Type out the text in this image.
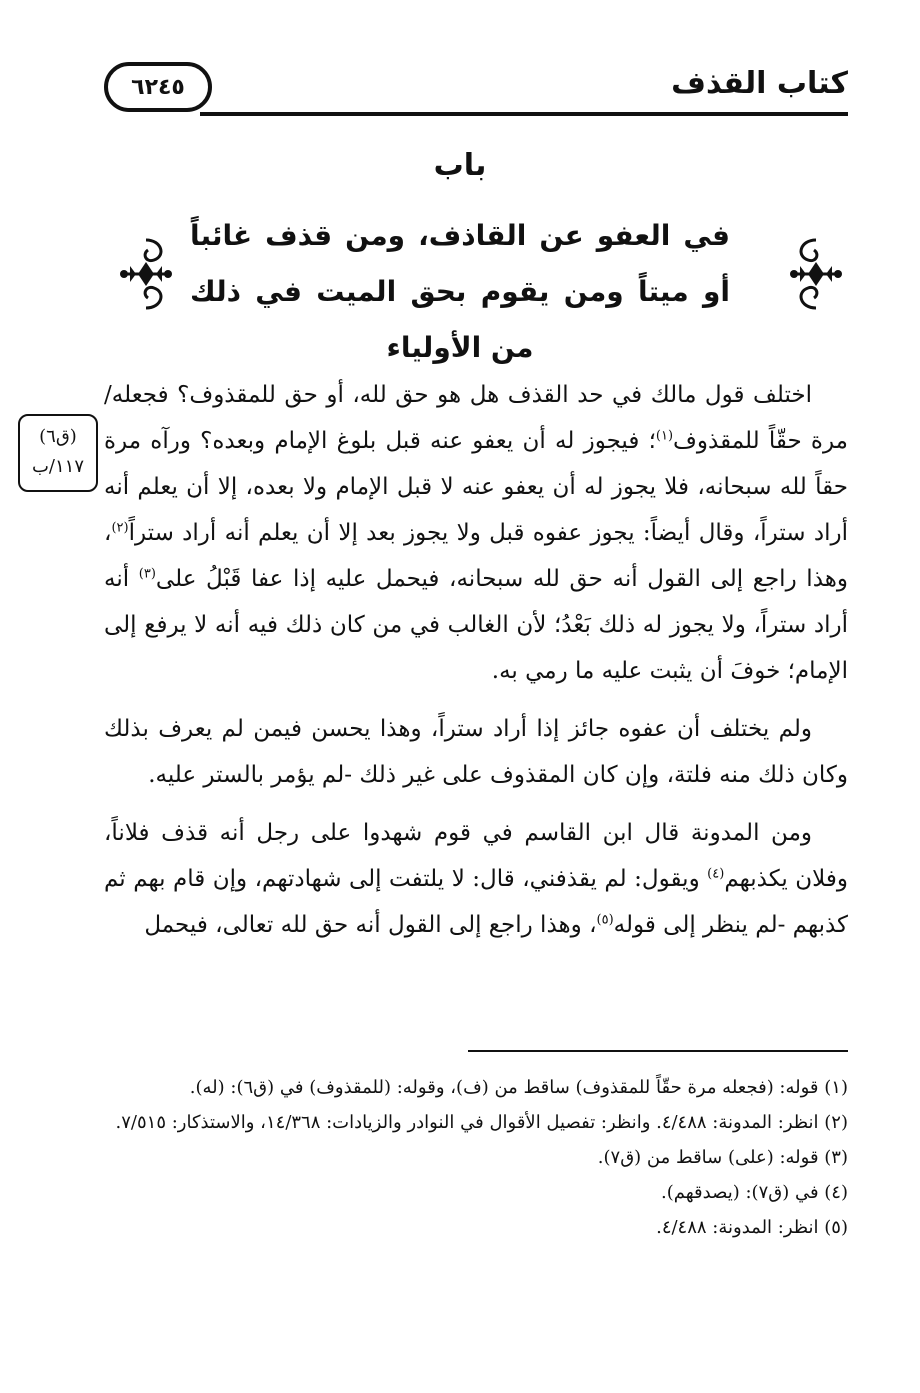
كتاب القذف
٦٢٤٥
باب
في العفو عن القاذف، ومن قذف غائباً أو ميتاً ومن يقوم بحق الميت في ذلك من الأولياء
(ق٦)
١١٧/ب

اختلف قول مالك في حد القذف هل هو حق لله، أو حق للمقذوف؟ فجعله/ مرة حقّاً للمقذوف$^{(١)}$؛ فيجوز له أن يعفو عنه قبل بلوغ الإمام وبعده؟ ورآه مرة حقاً لله سبحانه، فلا يجوز له أن يعفو عنه لا قبل الإمام ولا بعده، إلا أن يعلم أنه أراد ستراً، وقال أيضاً: يجوز عفوه قبل ولا يجوز بعد إلا أن يعلم أنه أراد ستراً$^{(٢)}$، وهذا راجع إلى القول أنه حق لله سبحانه، فيحمل عليه إذا عفا قَبْلُ على$^{(٣)}$ أنه أراد ستراً، ولا يجوز له ذلك بَعْدُ؛ لأن الغالب في من كان ذلك فيه أنه لا يرفع إلى الإمام؛ خوفَ أن يثبت عليه ما رمي به.

ولم يختلف أن عفوه جائز إذا أراد ستراً، وهذا يحسن فيمن لم يعرف بذلك وكان ذلك منه فلتة، وإن كان المقذوف على غير ذلك -لم يؤمر بالستر عليه.

ومن المدونة قال ابن القاسم في قوم شهدوا على رجل أنه قذف فلاناً، وفلان يكذبهم$^{(٤)}$ ويقول: لم يقذفني، قال: لا يلتفت إلى شهادتهم، وإن قام بهم ثم كذبهم -لم ينظر إلى قوله$^{(٥)}$، وهذا راجع إلى القول أنه حق لله تعالى، فيحمل

(١) قوله: (فجعله مرة حقّاً للمقذوف) ساقط من (ف)، وقوله: (للمقذوف) في (ق٦): (له).

(٢) انظر: المدونة: ٤/٤٨٨. وانظر: تفصيل الأقوال في النوادر والزيادات: ١٤/٣٦٨، والاستذكار: ٧/٥١٥.

(٣) قوله: (على) ساقط من (ق٧).

(٤) في (ق٧): (يصدقهم).

(٥) انظر: المدونة: ٤/٤٨٨.
